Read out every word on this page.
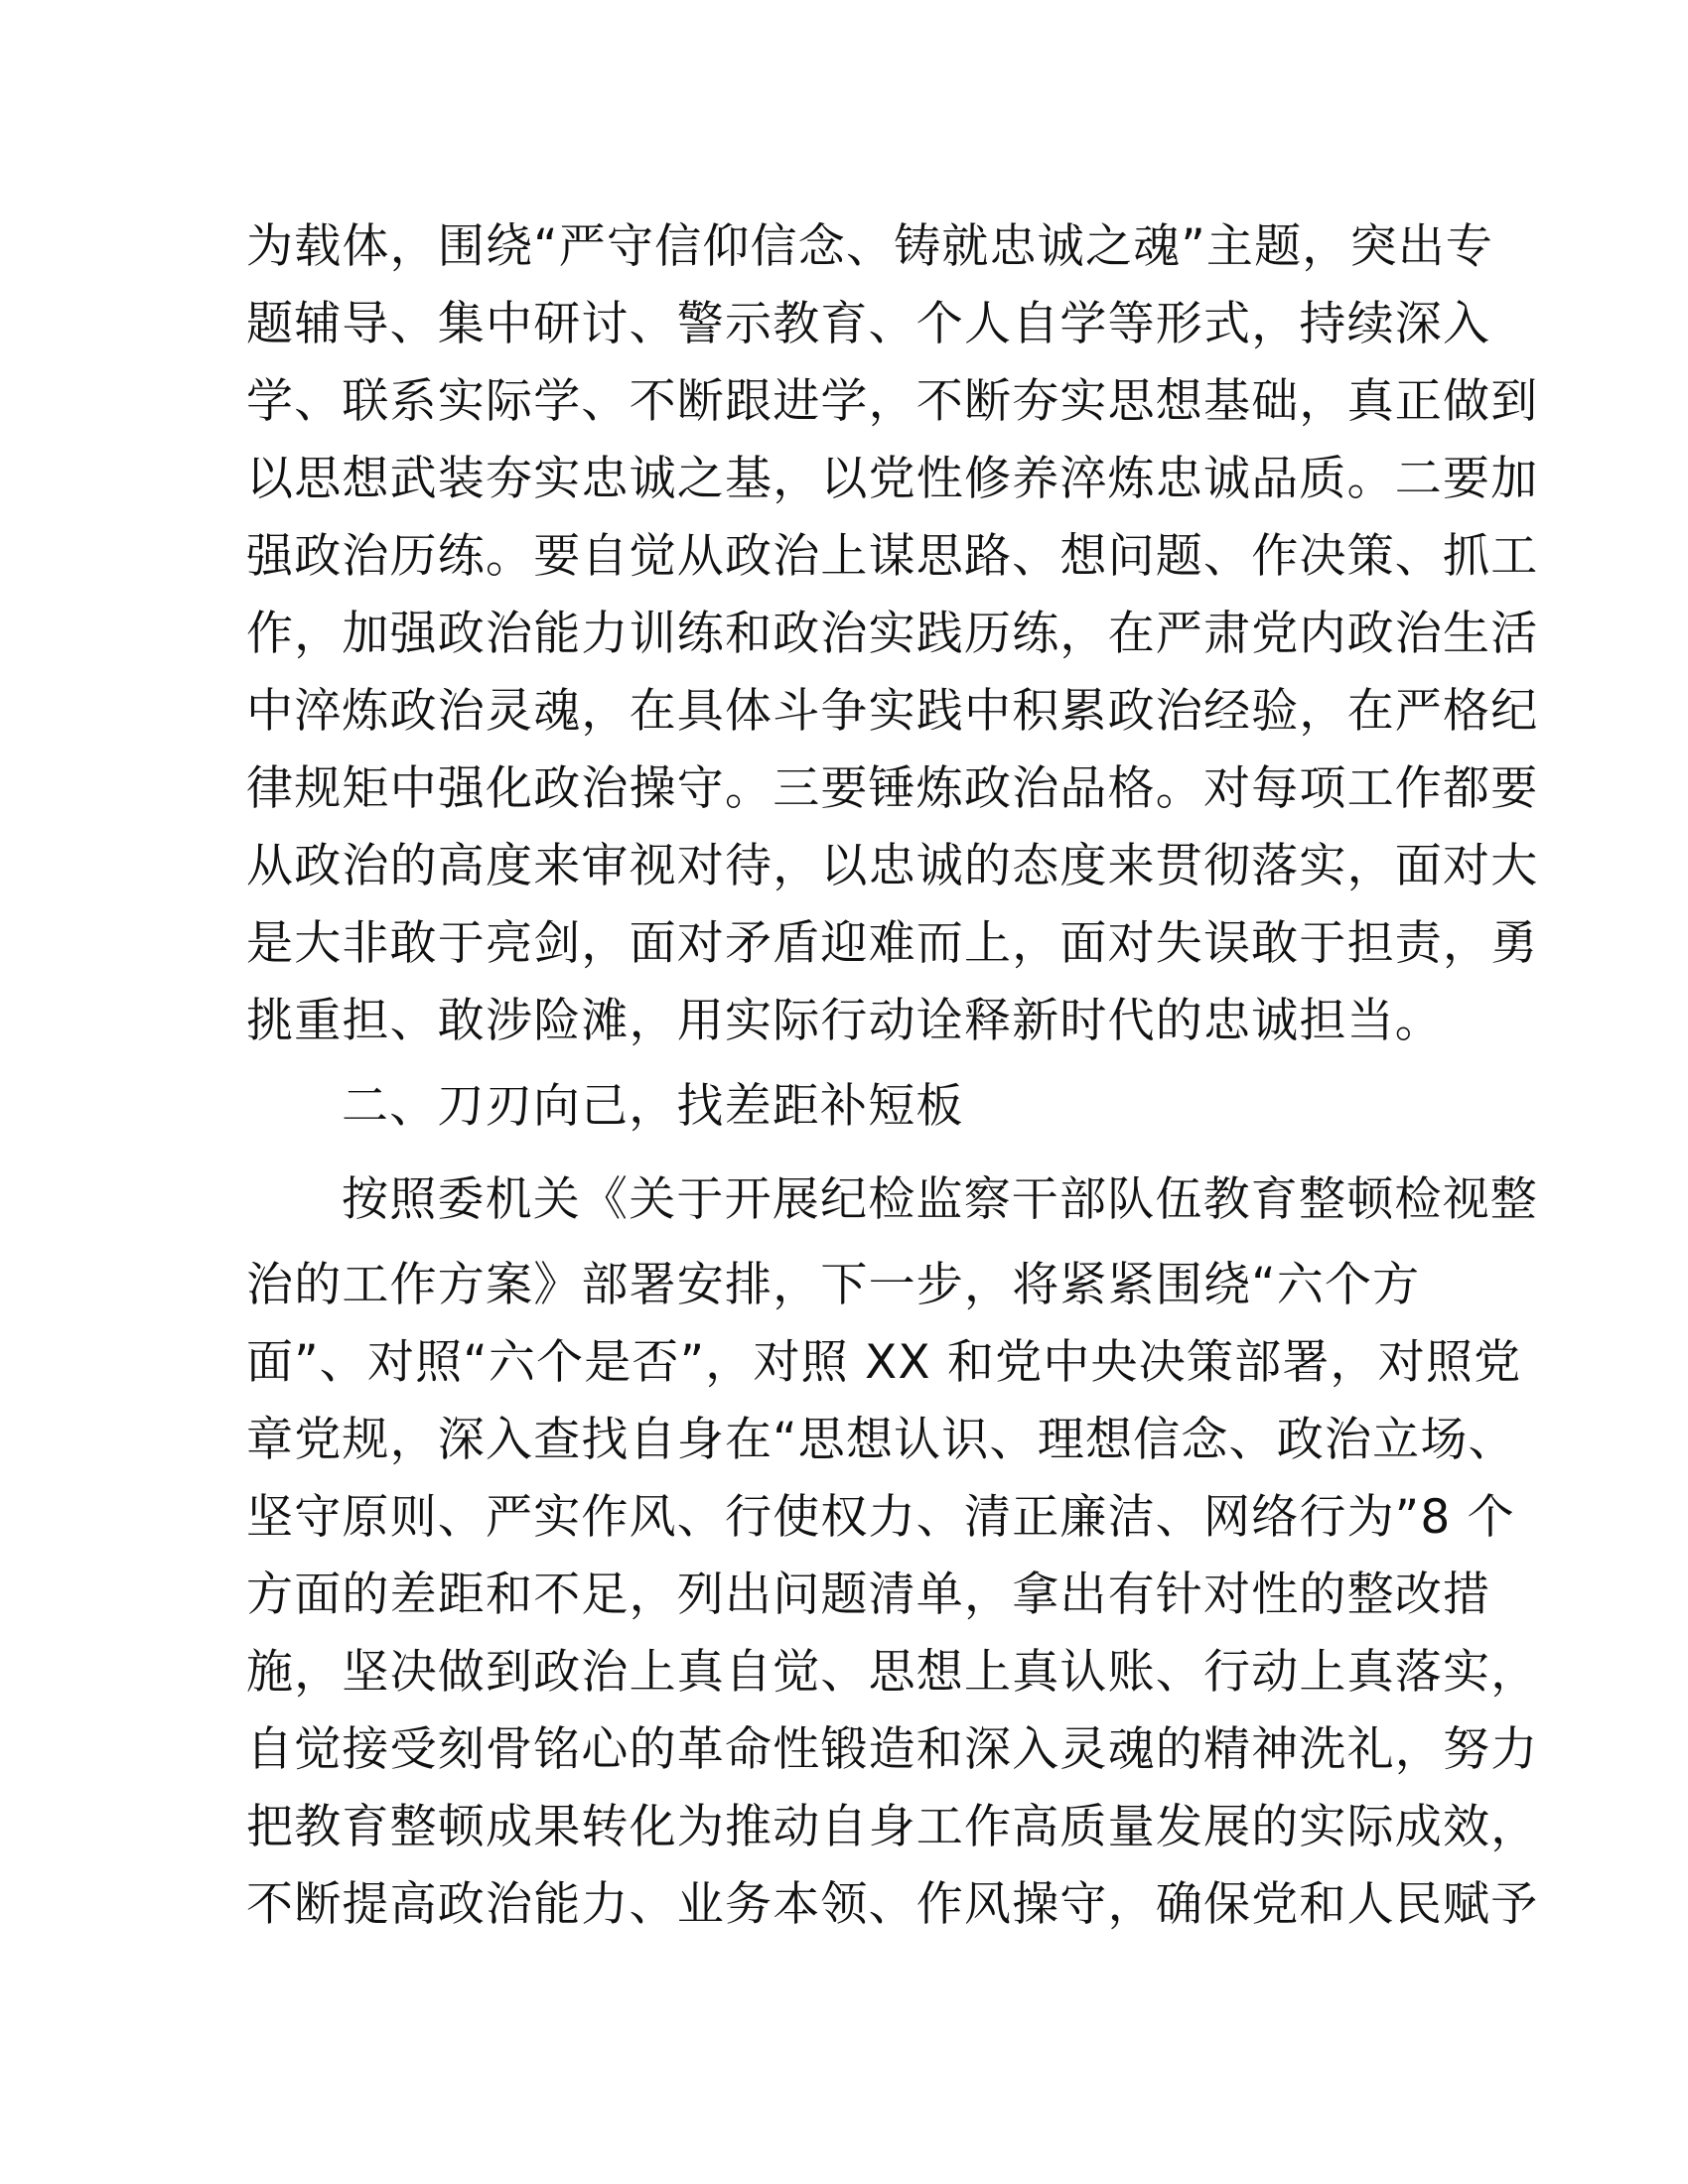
为载体，围绕“严守信仰信念、铸就忠诚之魂”主题，突出专
题辅导、集中研讨、警示教育、个人自学等形式，持续深入
学、联系实际学、不断跟进学，不断夯实思想基础，真正做到
以思想武装夯实忠诚之基，以党性修养淬炼忠诚品质。二要加
强政治历练。要自觉从政治上谋思路、想问题、作决策、抓工
作，加强政治能力训练和政治实践历练，在严肃党内政治生活
中淬炼政治灵魂，在具体斗争实践中积累政治经验，在严格纪
律规矩中强化政治操守。三要锤炼政治品格。对每项工作都要
从政治的高度来审视对待，以忠诚的态度来贯彻落实，面对大
是大非敢于亮剑，面对矛盾迎难而上，面对失误敢于担责，勇
挑重担、敢涉险滩，用实际行动诠释新时代的忠诚担当。
二、刀刃向己，找差距补短板
按照委机关《关于开展纪检监察干部队伍教育整顿检视整
治的工作方案》部署安排，下一步，将紧紧围绕“六个方
面”、对照“六个是否”，对照 XX 和党中央决策部署，对照党
章党规，深入查找自身在“思想认识、理想信念、政治立场、
坚守原则、严实作风、行使权力、清正廉洁、网络行为”8 个
方面的差距和不足，列出问题清单，拿出有针对性的整改措
施，坚决做到政治上真自觉、思想上真认账、行动上真落实，
自觉接受刻骨铭心的革命性锻造和深入灵魂的精神洗礼，努力
把教育整顿成果转化为推动自身工作高质量发展的实际成效，
不断提高政治能力、业务本领、作风操守，确保党和人民赋予
